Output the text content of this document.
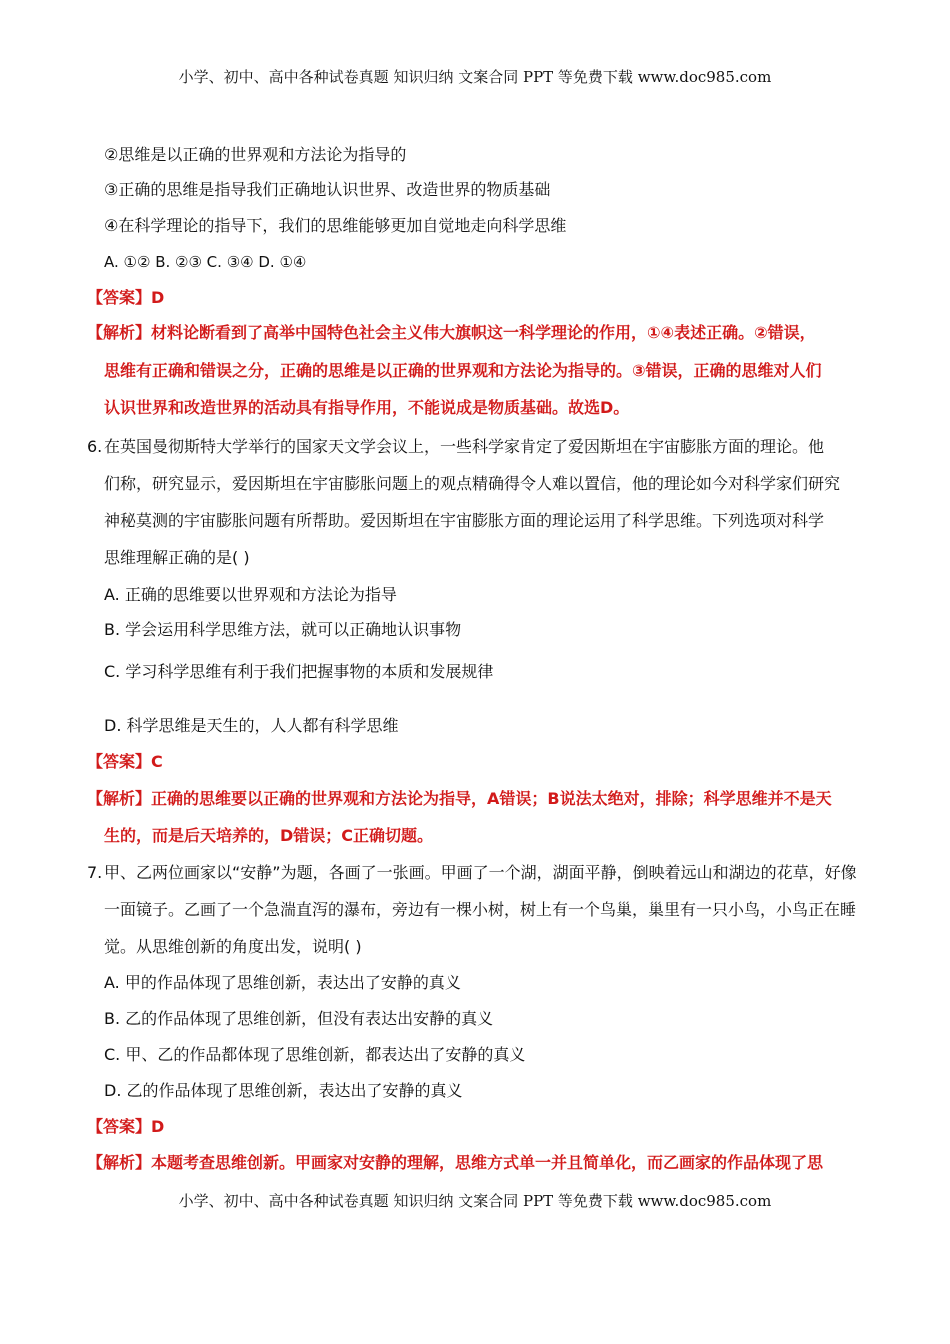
小学、初中、高中各种试卷真题 知识归纳 文案合同 PPT 等免费下载 www.doc985.com
②思维是以正确的世界观和方法论为指导的
③正确的思维是指导我们正确地认识世界、改造世界的物质基础
④在科学理论的指导下，我们的思维能够更加自觉地走向科学思维
A. ①② B. ②③ C. ③④ D. ①④
【答案】D
【解析】材料论断看到了高举中国特色社会主义伟大旗帜这一科学理论的作用，①④表述正确。②错误，
思维有正确和错误之分，正确的思维是以正确的世界观和方法论为指导的。③错误，正确的思维对人们
认识世界和改造世界的活动具有指导作用，不能说成是物质基础。故选D。
6. 在英国曼彻斯特大学举行的国家天文学会议上，一些科学家肯定了爱因斯坦在宇宙膨胀方面的理论。他
们称，研究显示，爱因斯坦在宇宙膨胀问题上的观点精确得令人难以置信，他的理论如今对科学家们研究
神秘莫测的宇宙膨胀问题有所帮助。爱因斯坦在宇宙膨胀方面的理论运用了科学思维。下列选项对科学
思维理解正确的是( )
A. 正确的思维要以世界观和方法论为指导
B. 学会运用科学思维方法，就可以正确地认识事物
C. 学习科学思维有利于我们把握事物的本质和发展规律
D. 科学思维是天生的，人人都有科学思维
【答案】C
【解析】正确的思维要以正确的世界观和方法论为指导，A错误；B说法太绝对，排除；科学思维并不是天
生的，而是后天培养的，D错误；C正确切题。
7. 甲、乙两位画家以“安静”为题，各画了一张画。甲画了一个湖，湖面平静，倒映着远山和湖边的花草，好像
一面镜子。乙画了一个急湍直泻的瀑布，旁边有一棵小树，树上有一个鸟巢，巢里有一只小鸟，小鸟正在睡
觉。从思维创新的角度出发，说明( )
A. 甲的作品体现了思维创新，表达出了安静的真义
B. 乙的作品体现了思维创新，但没有表达出安静的真义
C. 甲、乙的作品都体现了思维创新，都表达出了安静的真义
D. 乙的作品体现了思维创新，表达出了安静的真义
【答案】D
【解析】本题考查思维创新。甲画家对安静的理解，思维方式单一并且简单化，而乙画家的作品体现了思
小学、初中、高中各种试卷真题 知识归纳 文案合同 PPT 等免费下载 www.doc985.com
